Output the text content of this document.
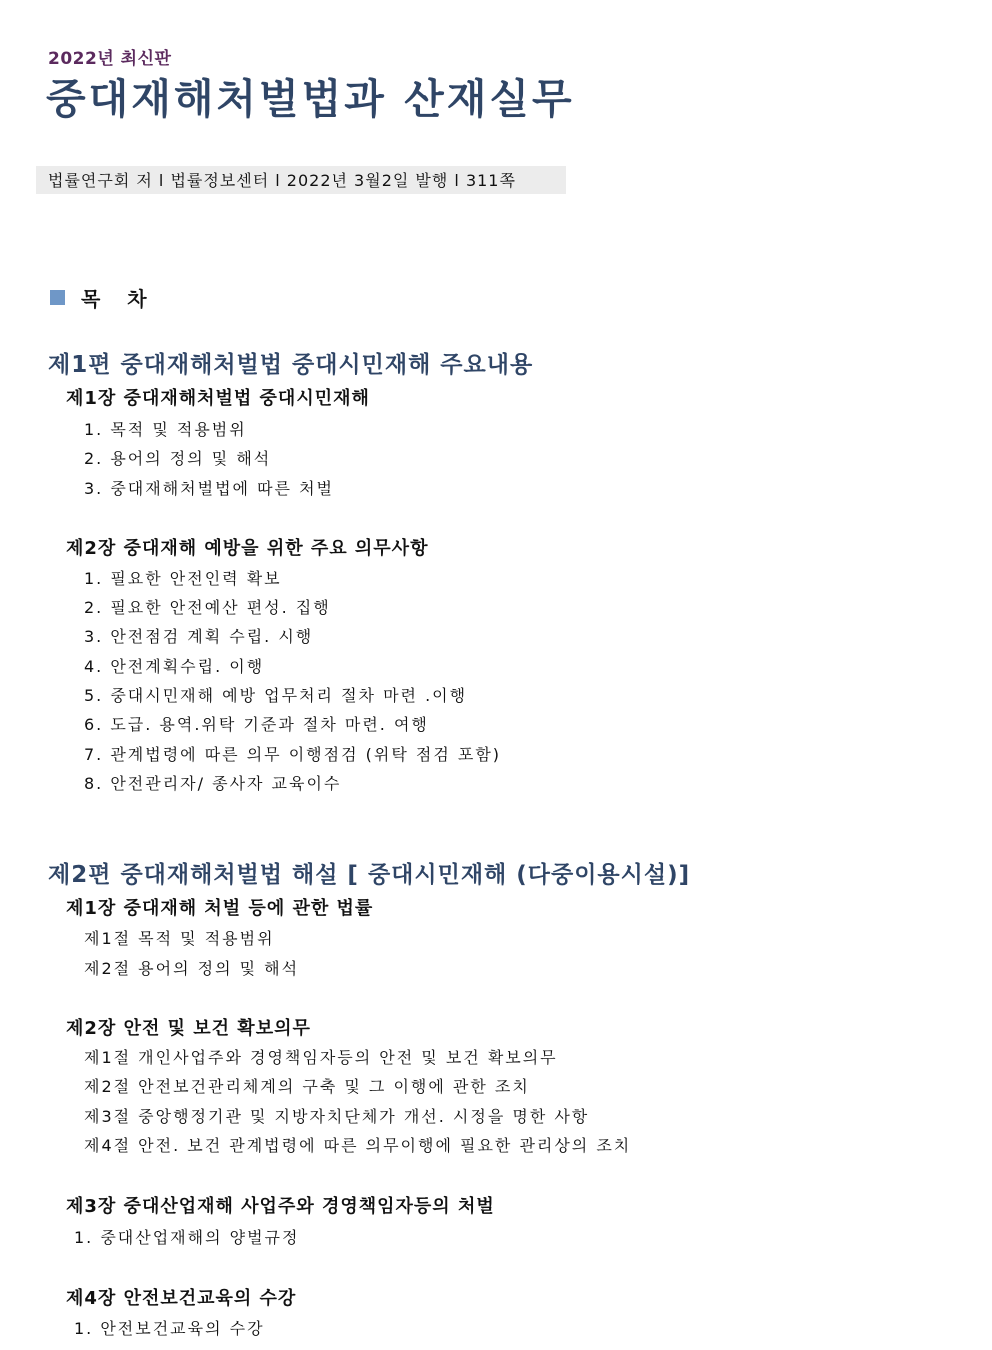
2022년 최신판
중대재해처벌법과 산재실무
법률연구회 저 l 법률정보센터 l 2022년 3월2일 발행 l 311쪽
목 차
제1편 중대재해처벌법 중대시민재해 주요내용
제1장 중대재해처벌법 중대시민재해
1. 목적 및 적용범위
2. 용어의 정의 및 해석
3. 중대재해처벌법에 따른 처벌
제2장 중대재해 예방을 위한 주요 의무사항
1. 필요한 안전인력 확보
2. 필요한 안전예산 편성. 집행
3. 안전점검 계획 수립. 시행
4. 안전계획수립. 이행
5. 중대시민재해 예방 업무처리 절차 마련 .이행
6. 도급. 용역.위탁 기준과 절차 마련. 여행
7. 관계법령에 따른 의무 이행점검 (위탁 점검 포함)
8. 안전관리자/ 종사자 교육이수
제2편 중대재해처벌법 해설 [ 중대시민재해 (다중이용시설)]
제1장 중대재해 처벌 등에 관한 법률
제1절 목적 및 적용범위
제2절 용어의 정의 및 해석
제2장 안전 및 보건 확보의무
제1절 개인사업주와 경영책임자등의 안전 및 보건 확보의무
제2절 안전보건관리체계의 구축 및 그 이행에 관한 조치
제3절 중앙행정기관 및 지방자치단체가 개선. 시정을 명한 사항
제4절 안전. 보건 관계법령에 따른 의무이행에 필요한 관리상의 조치
제3장 중대산업재해 사업주와 경영책임자등의 처벌
1. 중대산업재해의 양벌규정
제4장 안전보건교육의 수강
1. 안전보건교육의 수강
